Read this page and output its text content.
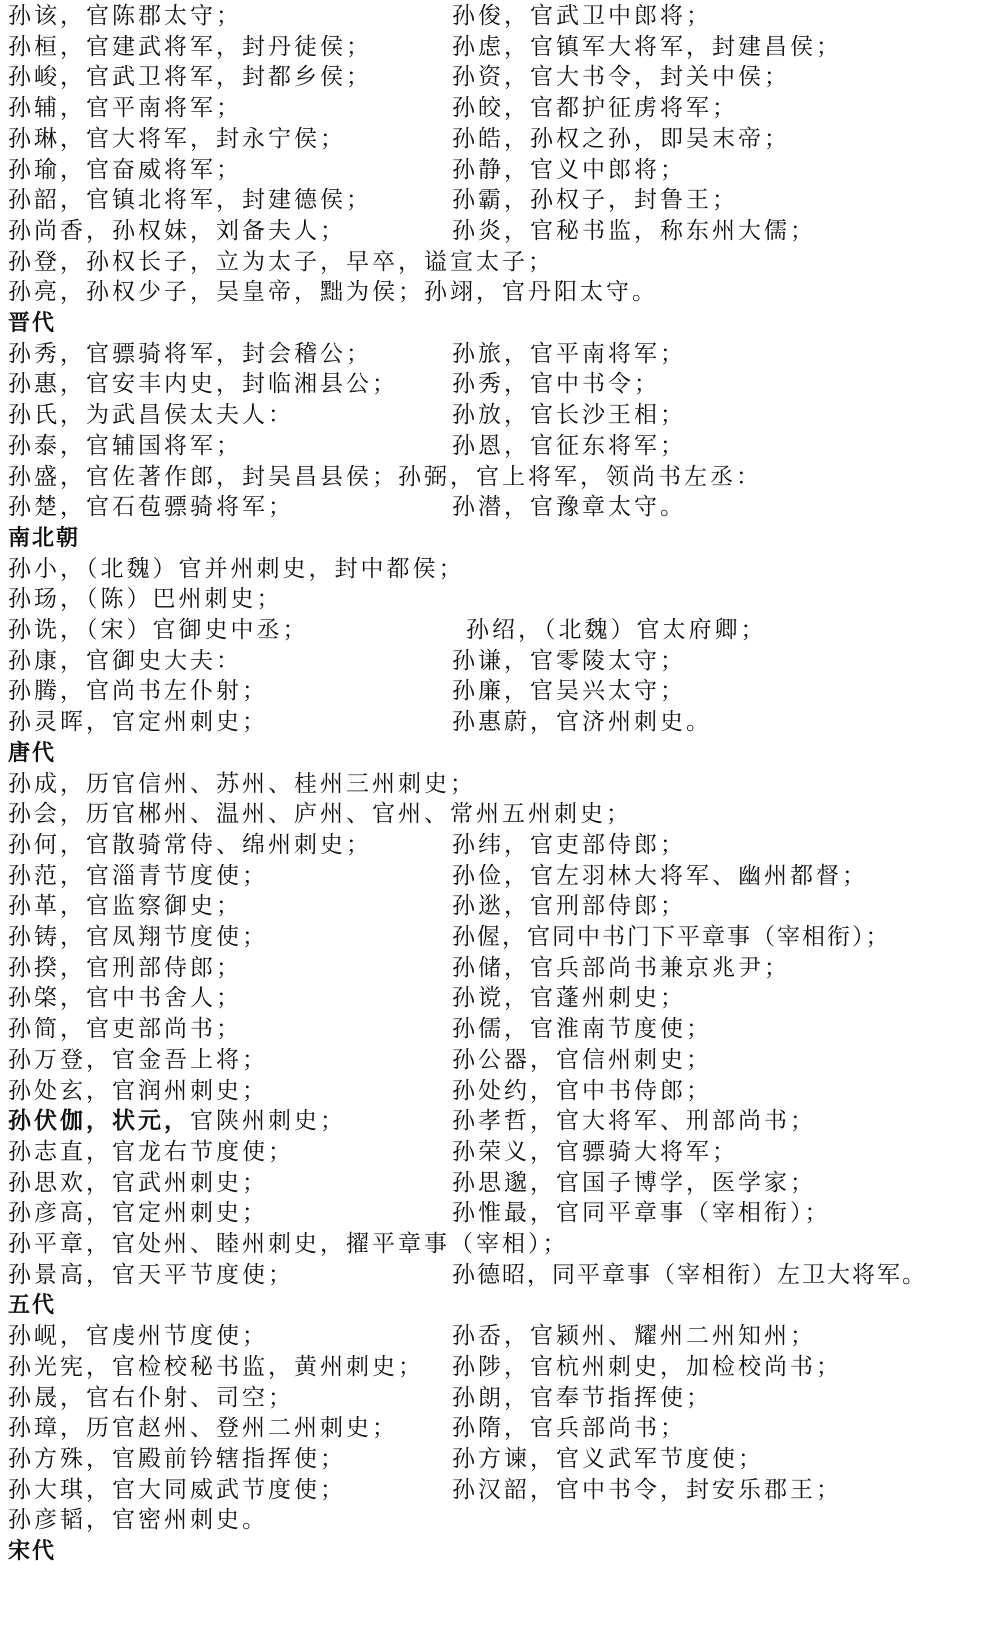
孙该，官陈郡太守；	孙俊，官武卫中郎将；
孙桓，官建武将军，封丹徒侯；	孙虑，官镇军大将军，封建昌侯；
孙峻，官武卫将军，封都乡侯；	孙资，官大书令，封关中侯；
孙辅，官平南将军；	孙皎，官都护征虏将军；
孙琳，官大将军，封永宁侯；	孙皓，孙权之孙，即吴末帝；
孙瑜，官奋威将军；	孙静，官义中郎将；
孙韶，官镇北将军，封建德侯；	孙霸，孙权子，封鲁王；
孙尚香，孙权妹，刘备夫人；	孙炎，官秘书监，称东州大儒；
孙登，孙权长子，立为太子，早卒，谥宣太子；
孙亮，孙权少子，吴皇帝，黜为侯；孙翊，官丹阳太守。
晋代
孙秀，官骠骑将军，封会稽公；	孙旅，官平南将军；
孙惠，官安丰内史，封临湘县公； 孙秀，官中书令；
孙氏，为武昌侯太夫人：	孙放，官长沙王相；
孙泰，官辅国将军；	孙恩，官征东将军；
孙盛，官佐著作郎，封吴昌县侯；孙弼，官上将军，领尚书左丞：
孙楚，官石苞骠骑将军；	孙潜，官豫章太守。
南北朝
孙小，（北魏）官并州刺史，封中都侯；
孙玚，（陈）巴州刺史；
孙诜，（宋）官御史中丞；	孙绍，（北魏）官太府卿；
孙康，官御史大夫：	孙谦，官零陵太守；
孙腾，官尚书左仆射；	孙廉，官吴兴太守；
孙灵晖，官定州刺史；	孙惠蔚，官济州刺史。
唐代
孙成，历官信州、苏州、桂州三州刺史；
孙会，历官郴州、温州、庐州、官州、常州五州刺史；
孙何，官散骑常侍、绵州刺史；	孙纬，官吏部侍郎；
孙范，官淄青节度使；	孙俭，官左羽林大将军、幽州都督；
孙革，官监察御史；	孙逖，官刑部侍郎；
孙铸，官凤翔节度使；	孙偓，官同中书门下平章事（宰相衔）；
孙揆，官刑部侍郎；	孙储，官兵部尚书兼京兆尹；
孙棨，官中书舍人；	孙谠，官蓬州刺史；
孙简，官吏部尚书；	孙儒，官淮南节度使；
孙万登，官金吾上将；	孙公器，官信州刺史；
孙处玄，官润州刺史；	孙处约，官中书侍郎；
孙伏伽，状元，官陕州刺史；	孙孝哲，官大将军、刑部尚书；
孙志直，官龙右节度使；	孙荣义，官骠骑大将军；
孙思欢，官武州刺史；	孙思邈，官国子博学，医学家；
孙彦高，官定州刺史；	孙惟最，官同平章事（宰相衔）；
孙平章，官处州、睦州刺史，擢平章事（宰相）；
孙景高，官天平节度使；	孙德昭，同平章事（宰相衔）左卫大将军。
五代
孙岘，官虔州节度使；	孙岙，官颍州、耀州二州知州；
孙光宪，官检校秘书监，黄州刺史； 孙陟，官杭州刺史，加检校尚书；
孙晟，官右仆射、司空；	孙朗，官奉节指挥使；
孙璋，历官赵州、登州二州刺史； 孙隋，官兵部尚书；
孙方殊，官殿前钤辖指挥使；	孙方谏，官义武军节度使；
孙大琪，官大同威武节度使；	孙汉韶，官中书令，封安乐郡王；
孙彦韬，官密州刺史。
宋代
